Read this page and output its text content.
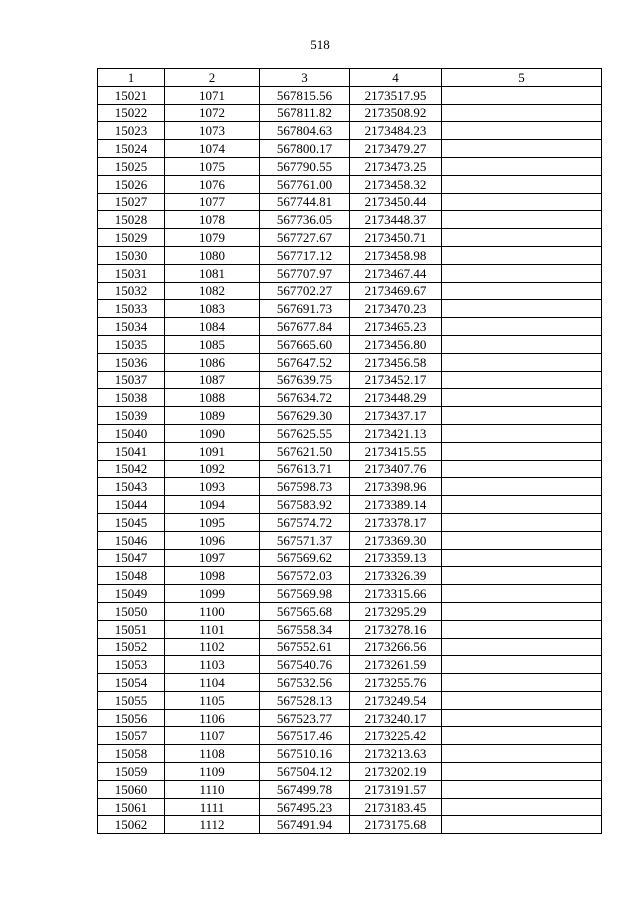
518
1	2	3	4	5
15021	1071	567815.56	2173517.95	
15022	1072	567811.82	2173508.92	
15023	1073	567804.63	2173484.23	
15024	1074	567800.17	2173479.27	
15025	1075	567790.55	2173473.25	
15026	1076	567761.00	2173458.32	
15027	1077	567744.81	2173450.44	
15028	1078	567736.05	2173448.37	
15029	1079	567727.67	2173450.71	
15030	1080	567717.12	2173458.98	
15031	1081	567707.97	2173467.44	
15032	1082	567702.27	2173469.67	
15033	1083	567691.73	2173470.23	
15034	1084	567677.84	2173465.23	
15035	1085	567665.60	2173456.80	
15036	1086	567647.52	2173456.58	
15037	1087	567639.75	2173452.17	
15038	1088	567634.72	2173448.29	
15039	1089	567629.30	2173437.17	
15040	1090	567625.55	2173421.13	
15041	1091	567621.50	2173415.55	
15042	1092	567613.71	2173407.76	
15043	1093	567598.73	2173398.96	
15044	1094	567583.92	2173389.14	
15045	1095	567574.72	2173378.17	
15046	1096	567571.37	2173369.30	
15047	1097	567569.62	2173359.13	
15048	1098	567572.03	2173326.39	
15049	1099	567569.98	2173315.66	
15050	1100	567565.68	2173295.29	
15051	1101	567558.34	2173278.16	
15052	1102	567552.61	2173266.56	
15053	1103	567540.76	2173261.59	
15054	1104	567532.56	2173255.76	
15055	1105	567528.13	2173249.54	
15056	1106	567523.77	2173240.17	
15057	1107	567517.46	2173225.42	
15058	1108	567510.16	2173213.63	
15059	1109	567504.12	2173202.19	
15060	1110	567499.78	2173191.57	
15061	1111	567495.23	2173183.45	
15062	1112	567491.94	2173175.68	
